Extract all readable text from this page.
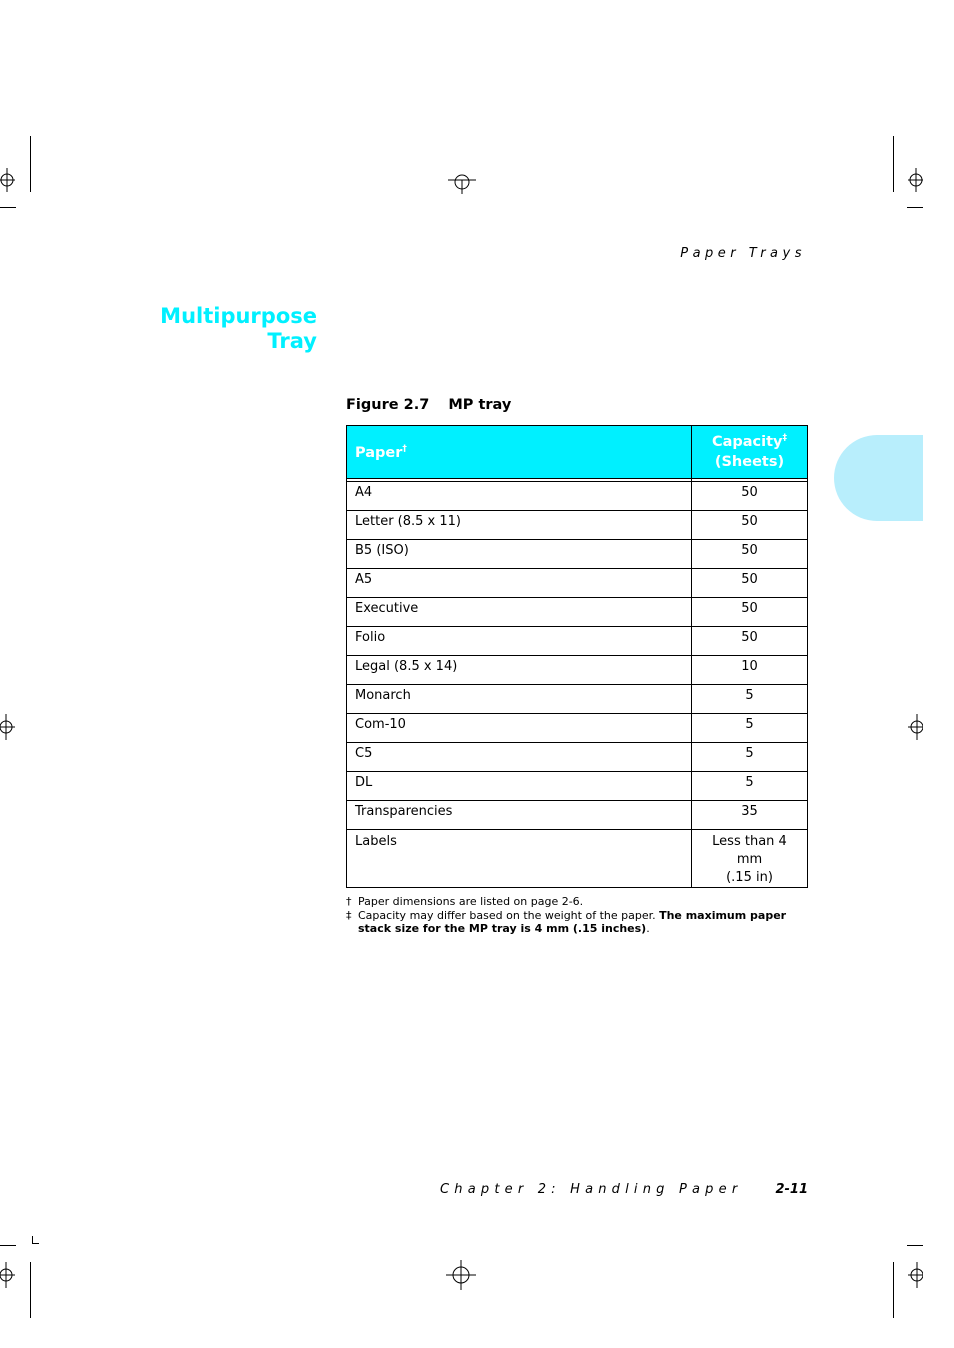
Paper Trays
Multipurpose
Tray
Figure 2.7 MP tray
Paper†	Capacity‡
(Sheets)

A4	50
Letter (8.5 x 11)	50
B5 (ISO)	50
A5	50
Executive	50
Folio	50
Legal (8.5 x 14)	10
Monarch	5
Com-10	5
C5	5
DL	5
Transparencies	35
Labels	Less than 4 mm
(.15 in)
† Paper dimensions are listed on page 2-6.
‡ Capacity may differ based on the weight of the paper. The maximum paper stack size for the MP tray is 4 mm (.15 inches).
Chapter 2: Handling Paper	2-11
